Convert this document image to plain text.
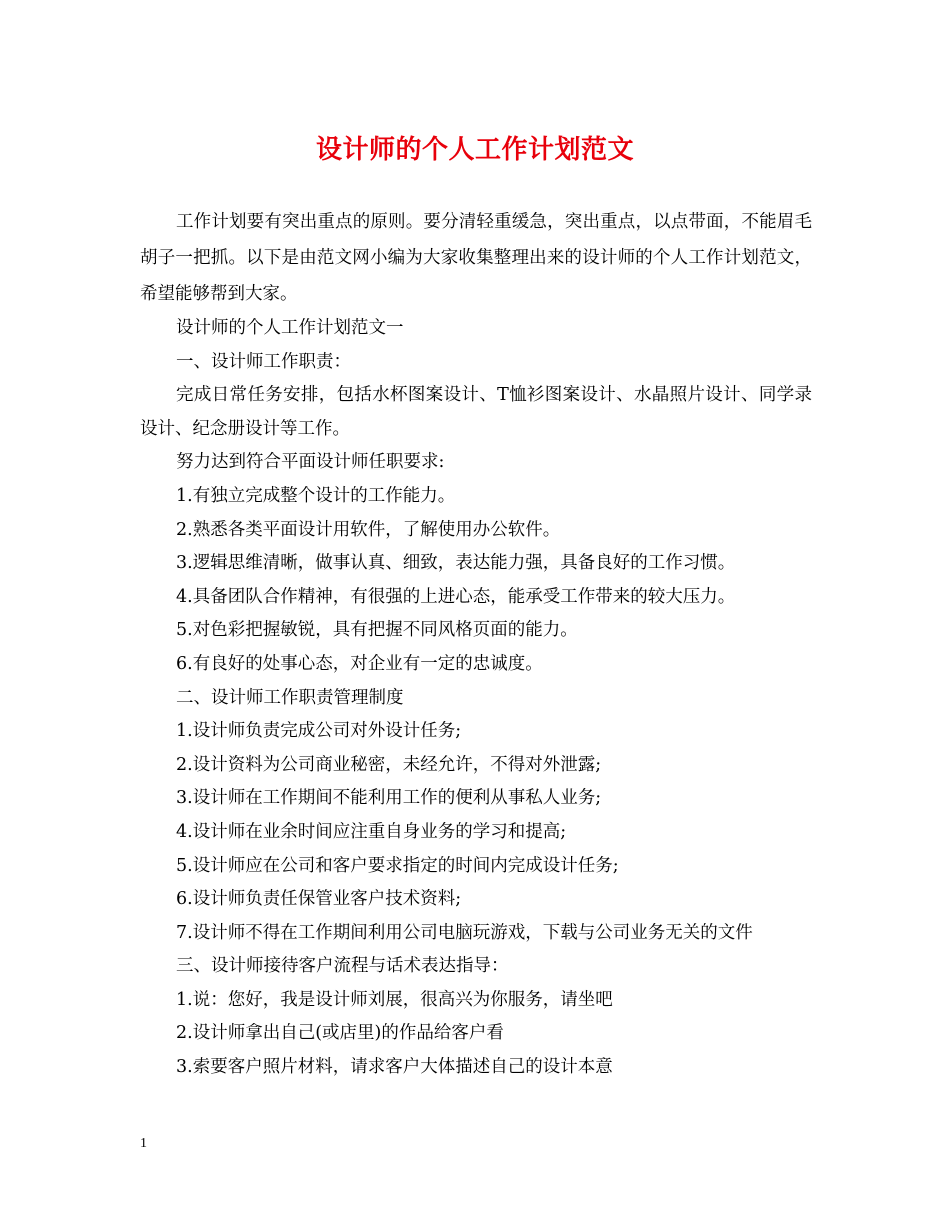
设计师的个人工作计划范文

工作计划要有突出重点的原则。要分清轻重缓急，突出重点，以点带面，不能眉毛胡子一把抓。以下是由范文网小编为大家收集整理出来的设计师的个人工作计划范文，希望能够帮到大家。

设计师的个人工作计划范文一

一、设计师工作职责：

完成日常任务安排，包括水杯图案设计、T恤衫图案设计、水晶照片设计、同学录设计、纪念册设计等工作。

努力达到符合平面设计师任职要求:

1.有独立完成整个设计的工作能力。

2.熟悉各类平面设计用软件，了解使用办公软件。

3.逻辑思维清晰，做事认真、细致，表达能力强，具备良好的工作习惯。

4.具备团队合作精神，有很强的上进心态，能承受工作带来的较大压力。

5.对色彩把握敏锐，具有把握不同风格页面的能力。

6.有良好的处事心态，对企业有一定的忠诚度。

二、设计师工作职责管理制度

1.设计师负责完成公司对外设计任务;

2.设计资料为公司商业秘密，未经允许，不得对外泄露;

3.设计师在工作期间不能利用工作的便利从事私人业务;

4.设计师在业余时间应注重自身业务的学习和提高;

5.设计师应在公司和客户要求指定的时间内完成设计任务;

6.设计师负责任保管业客户技术资料;

7.设计师不得在工作期间利用公司电脑玩游戏，下载与公司业务无关的文件

三、设计师接待客户流程与话术表达指导：

1.说：您好，我是设计师刘展，很高兴为你服务，请坐吧

2.设计师拿出自己(或店里)的作品给客户看

3.索要客户照片材料，请求客户大体描述自己的设计本意

1
